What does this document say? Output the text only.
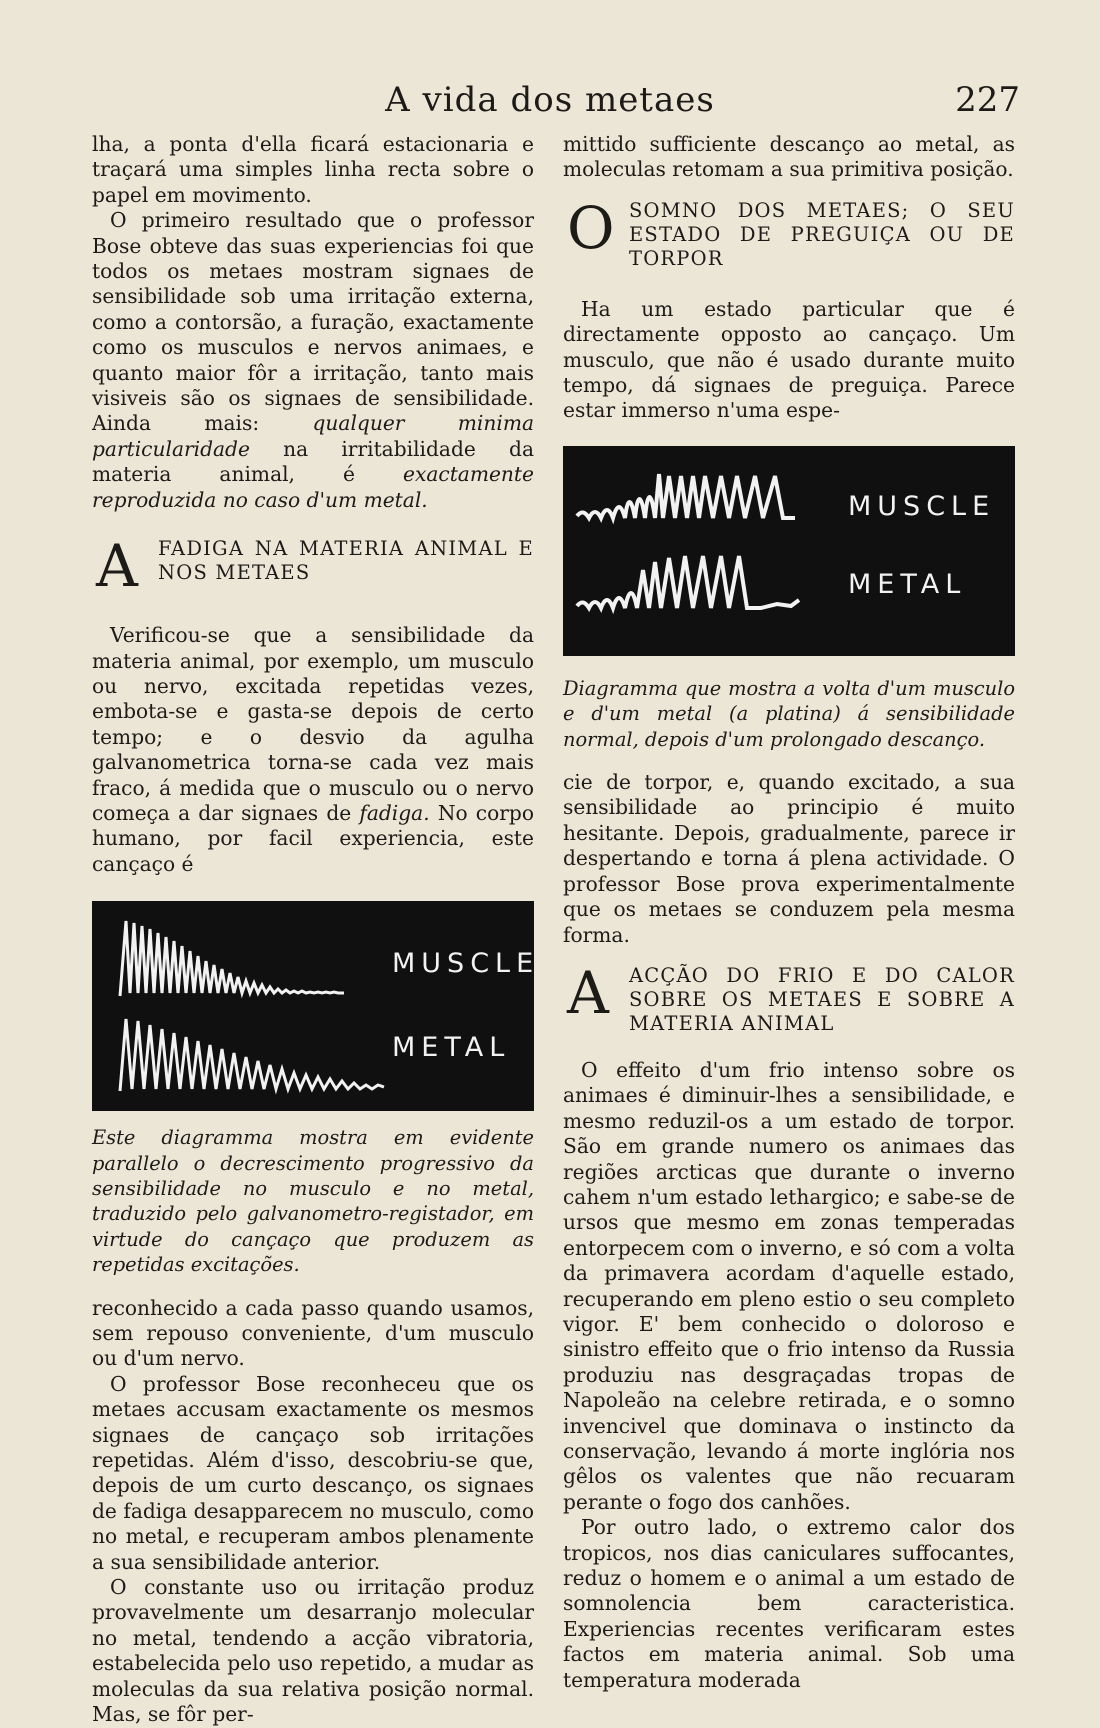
A vida dos metaes	227

lha, a ponta d'ella ficará estacionaria e traçará uma simples linha recta sobre o papel em movimento.

O primeiro resultado que o professor Bose obteve das suas experiencias foi que todos os metaes mostram signaes de sensibilidade sob uma irritação externa, como a contorsão, a furação, exactamente como os musculos e nervos animaes, e quanto maior fôr a irritação, tanto mais visiveis são os signaes de sensibilidade. Ainda mais: qualquer minima particularidade na irritabilidade da materia animal, é exactamente reproduzida no caso d'um metal.

A FADIGA NA MATERIA ANIMAL E NOS METAES

Verificou-se que a sensibilidade da materia animal, por exemplo, um musculo ou nervo, excitada repetidas vezes, embota-se e gasta-se depois de certo tempo; e o desvio da agulha galvanometrica torna-se cada vez mais fraco, á medida que o musculo ou o nervo começa a dar signaes de fadiga. No corpo humano, por facil experiencia, este cançaço é

MUSCLE
METAL

Este diagramma mostra em evidente parallelo o decrescimento progressivo da sensibilidade no musculo e no metal, traduzido pelo galvanometro-registador, em virtude do cançaço que produzem as repetidas excitações.

reconhecido a cada passo quando usamos, sem repouso conveniente, d'um musculo ou d'um nervo.

O professor Bose reconheceu que os metaes accusam exactamente os mesmos signaes de cançaço sob irritações repetidas. Além d'isso, descobriu-se que, depois de um curto descanço, os signaes de fadiga desapparecem no musculo, como no metal, e recuperam ambos plenamente a sua sensibilidade anterior.

O constante uso ou irritação produz provavelmente um desarranjo molecular no metal, tendendo a acção vibratoria, estabelecida pelo uso repetido, a mudar as moleculas da sua relativa posição normal. Mas, se fôr per-

mittido sufficiente descanço ao metal, as moleculas retomam a sua primitiva posição.

O SOMNO DOS METAES; O SEU ESTADO DE PREGUIÇA OU DE TORPOR

Ha um estado particular que é directamente opposto ao cançaço. Um musculo, que não é usado durante muito tempo, dá signaes de preguiça. Parece estar immerso n'uma espe-

MUSCLE
METAL

Diagramma que mostra a volta d'um musculo e d'um metal (a platina) á sensibilidade normal, depois d'um prolongado descanço.

cie de torpor, e, quando excitado, a sua sensibilidade ao principio é muito hesitante. Depois, gradualmente, parece ir despertando e torna á plena actividade. O professor Bose prova experimentalmente que os metaes se conduzem pela mesma forma.

A ACÇÃO DO FRIO E DO CALOR SOBRE OS METAES E SOBRE A MATERIA ANIMAL

O effeito d'um frio intenso sobre os animaes é diminuir-lhes a sensibilidade, e mesmo reduzil-os a um estado de torpor. São em grande numero os animaes das regiões arcticas que durante o inverno cahem n'um estado lethargico; e sabe-se de ursos que mesmo em zonas temperadas entorpecem com o inverno, e só com a volta da primavera acordam d'aquelle estado, recuperando em pleno estio o seu completo vigor. E' bem conhecido o doloroso e sinistro effeito que o frio intenso da Russia produziu nas desgraçadas tropas de Napoleão na celebre retirada, e o somno invencivel que dominava o instincto da conservação, levando á morte inglória nos gêlos os valentes que não recuaram perante o fogo dos canhões.

Por outro lado, o extremo calor dos tropicos, nos dias caniculares suffocantes, reduz o homem e o animal a um estado de somnolencia bem caracteristica. Experiencias recentes verificaram estes factos em materia animal. Sob uma temperatura moderada
